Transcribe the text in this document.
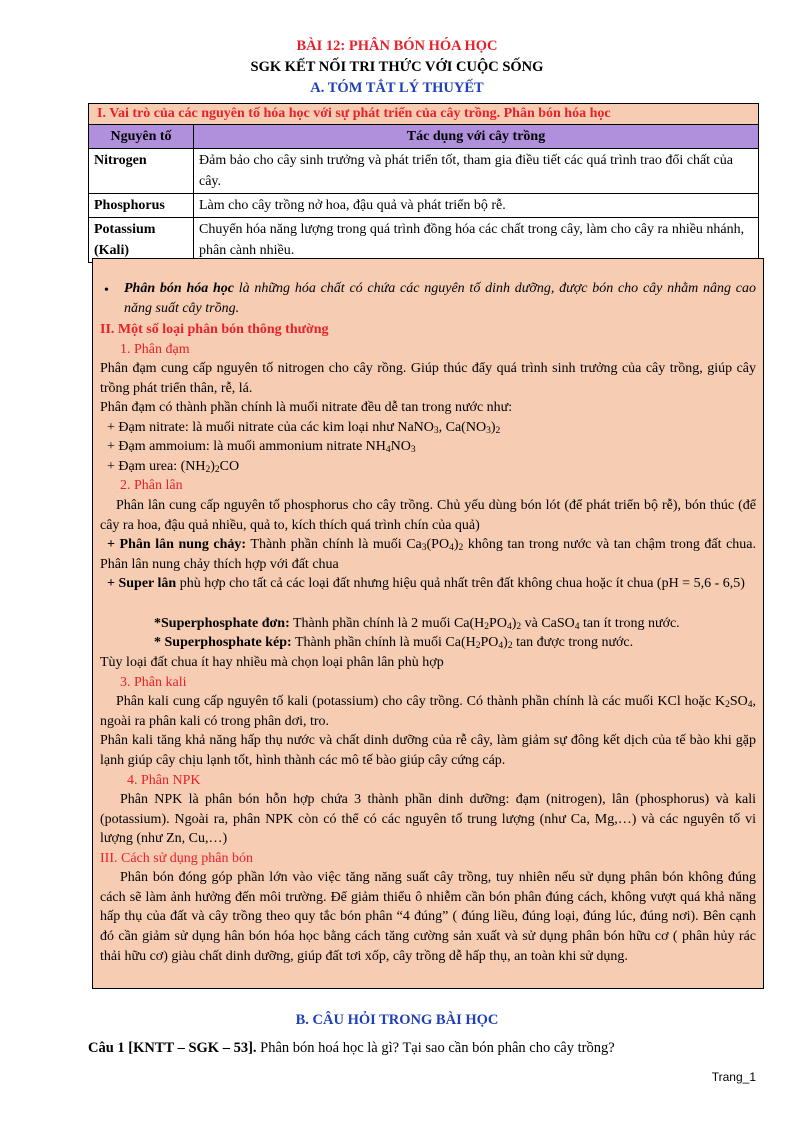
BÀI 12: PHÂN BÓN HÓA HỌC
SGK KẾT NỐI TRI THỨC VỚI CUỘC SỐNG
A. TÓM TẮT LÝ THUYẾT
I. Vai trò của các nguyên tố hóa học với sự phát triển của cây trồng. Phân bón hóa học
Nguyên tố	Tác dụng với cây trồng
Nitrogen	Đảm bảo cho cây sinh trưởng và phát triển tốt, tham gia điều tiết các quá trình trao đổi chất của cây.
Phosphorus	Làm cho cây trồng nở hoa, đậu quả và phát triển bộ rễ.
Potassium (Kali)	Chuyển hóa năng lượng trong quá trình đồng hóa các chất trong cây, làm cho cây ra nhiều nhánh, phân cành nhiều.
• Phân bón hóa học là những hóa chất có chứa các nguyên tố dinh dưỡng, được bón cho cây nhằm nâng cao năng suất cây trồng.
II. Một số loại phân bón thông thường
1. Phân đạm
Phân đạm cung cấp nguyên tố nitrogen cho cây rồng. Giúp thúc đẩy quá trình sinh trưởng của cây trồng, giúp cây trồng phát triển thân, rễ, lá.
Phân đạm có thành phần chính là muối nitrate đều dễ tan trong nước như:
+ Đạm nitrate: là muối nitrate của các kim loại như NaNO$_3$, $Ca(NO_3)_2$
+ Đạm ammoium: là muối ammonium nitrate $NH_4NO_3$
+ Đạm urea: $(NH_2)_2CO$
2. Phân lân
Phân lân cung cấp nguyên tố phosphorus cho cây trồng. Chủ yếu dùng bón lót (để phát triển bộ rễ), bón thúc (để cây ra hoa, đậu quả nhiều, quả to, kích thích quá trình chín của quả)
+ Phân lân nung chảy: Thành phần chính là muối $Ca_3(PO_4)_2$ không tan trong nước và tan chậm trong đất chua. Phân lân nung chảy thích hợp với đất chua
+ Super lân phù hợp cho tất cả các loại đất nhưng hiệu quả nhất trên đất không chua hoặc ít chua (pH = 5,6 - 6,5)
*Superphosphate đơn: Thành phần chính là 2 muối $Ca(H_2PO_4)_2$ và CaSO$_4$ tan ít trong nước.
* Superphosphate kép: Thành phần chính là muối $Ca(H_2PO_4)_2$ tan được trong nước.
Tùy loại đất chua ít hay nhiều mà chọn loại phân lân phù hợp
3. Phân kali
Phân kali cung cấp nguyên tố kali (potassium) cho cây trồng. Có thành phần chính là các muối KCl hoặc $K_2SO_4$, ngoài ra phân kali có trong phân dơi, tro.
Phân kali tăng khả năng hấp thụ nước và chất dinh dưỡng của rễ cây, làm giảm sự đông kết dịch của tế bào khi gặp lạnh giúp cây chịu lạnh tốt, hình thành các mô tế bào giúp cây cứng cáp.
4. Phân NPK
Phân NPK là phân bón hỗn hợp chứa 3 thành phần dinh dưỡng: đạm (nitrogen), lân (phosphorus) và kali (potassium). Ngoài ra, phân NPK còn có thể có các nguyên tố trung lượng (như Ca, Mg,…) và các nguyên tố vi lượng (như Zn, Cu,…)
III. Cách sử dụng phân bón
Phân bón đóng góp phần lớn vào việc tăng năng suất cây trồng, tuy nhiên nếu sử dụng phân bón không đúng cách sẽ làm ảnh hưởng đến môi trường. Để giảm thiểu ô nhiễm cần bón phân đúng cách, không vượt quá khả năng hấp thụ của đất và cây trồng theo quy tắc bón phân “4 đúng” ( đúng liều, đúng loại, đúng lúc, đúng nơi). Bên cạnh đó cần giảm sử dụng hân bón hóa học bằng cách tăng cường sản xuất và sử dụng phân bón hữu cơ ( phân hủy rác thải hữu cơ) giàu chất dinh dưỡng, giúp đất tơi xốp, cây trồng dễ hấp thụ, an toàn khi sử dụng.
B. CÂU HỎI TRONG BÀI HỌC
Câu 1 [KNTT – SGK – 53]. Phân bón hoá học là gì? Tại sao cần bón phân cho cây trồng?
Trang_1
